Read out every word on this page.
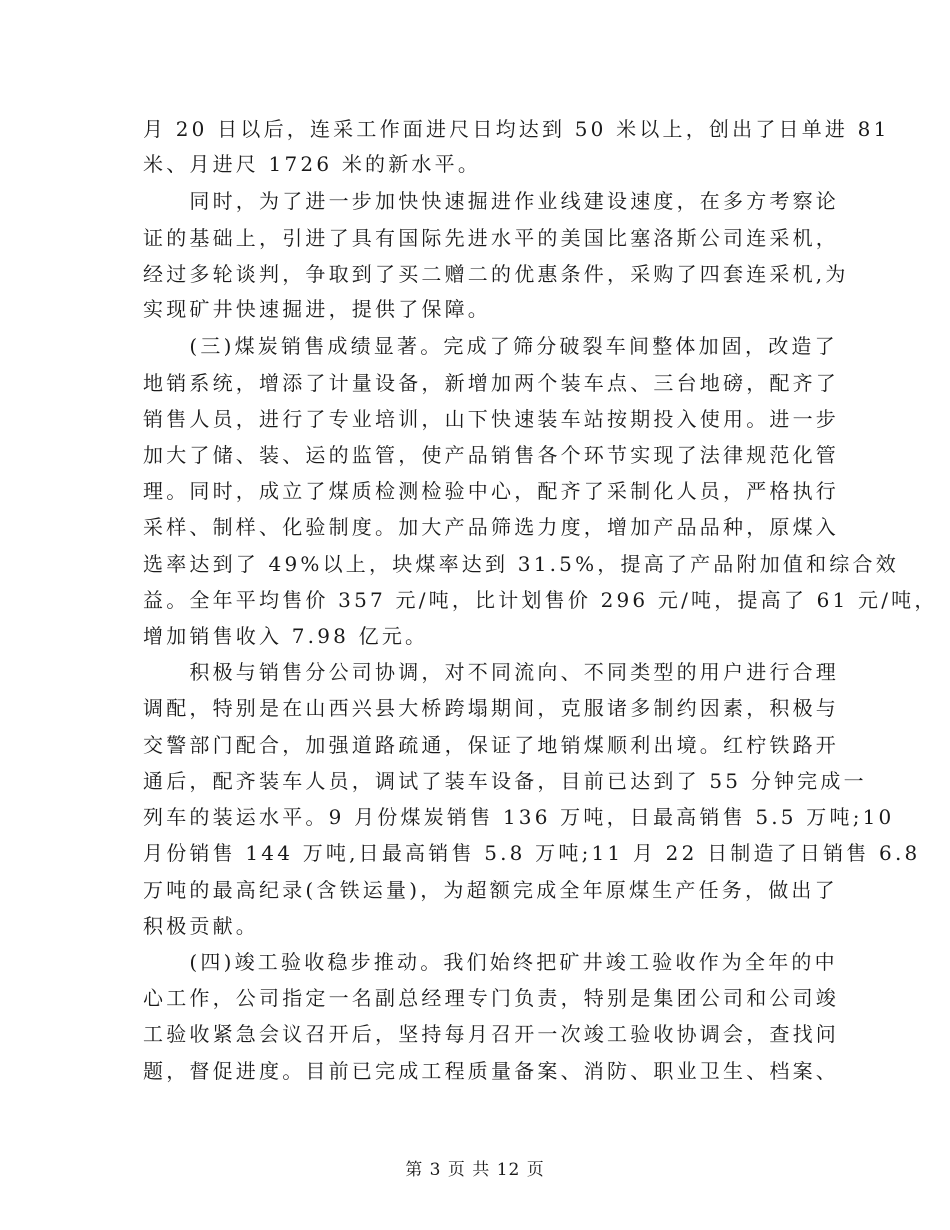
月 20 日以后，连采工作面进尺日均达到 50 米以上，创出了日单进 81
米、月进尺 1726 米的新水平。
　　同时，为了进一步加快快速掘进作业线建设速度，在多方考察论
证的基础上，引进了具有国际先进水平的美国比塞洛斯公司连采机，
经过多轮谈判，争取到了买二赠二的优惠条件，采购了四套连采机,为
实现矿井快速掘进，提供了保障。
　　(三)煤炭销售成绩显著。完成了筛分破裂车间整体加固，改造了
地销系统，增添了计量设备，新增加两个装车点、三台地磅，配齐了
销售人员，进行了专业培训，山下快速装车站按期投入使用。进一步
加大了储、装、运的监管，使产品销售各个环节实现了法律规范化管
理。同时，成立了煤质检测检验中心，配齐了采制化人员，严格执行
采样、制样、化验制度。加大产品筛选力度，增加产品品种，原煤入
选率达到了 49%以上，块煤率达到 31.5%，提高了产品附加值和综合效
益。全年平均售价 357 元/吨，比计划售价 296 元/吨，提高了 61 元/吨，
增加销售收入 7.98 亿元。
　　积极与销售分公司协调，对不同流向、不同类型的用户进行合理
调配，特别是在山西兴县大桥跨塌期间，克服诸多制约因素，积极与
交警部门配合，加强道路疏通，保证了地销煤顺利出境。红柠铁路开
通后，配齐装车人员，调试了装车设备，目前已达到了 55 分钟完成一
列车的装运水平。9 月份煤炭销售 136 万吨，日最高销售 5.5 万吨;10
月份销售 144 万吨,日最高销售 5.8 万吨;11 月 22 日制造了日销售 6.8
万吨的最高纪录(含铁运量)，为超额完成全年原煤生产任务，做出了
积极贡献。
　　(四)竣工验收稳步推动。我们始终把矿井竣工验收作为全年的中
心工作，公司指定一名副总经理专门负责，特别是集团公司和公司竣
工验收紧急会议召开后，坚持每月召开一次竣工验收协调会，查找问
题，督促进度。目前已完成工程质量备案、消防、职业卫生、档案、
第 3 页 共 12 页
